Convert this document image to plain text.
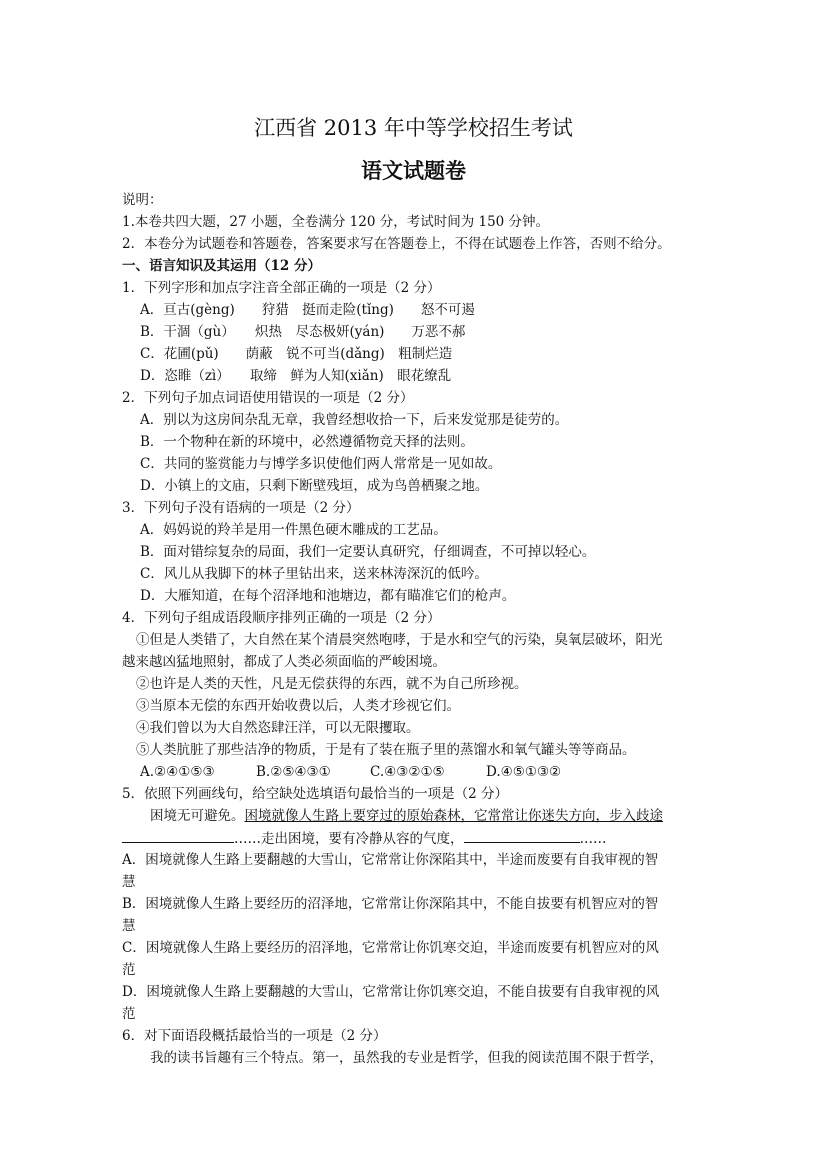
江西省 2013 年中等学校招生考试
语文试题卷
说明：
1.本卷共四大题，27 小题，全卷满分 120 分，考试时间为 150 分钟。
2．本卷分为试题卷和答题卷，答案要求写在答题卷上，不得在试题卷上作答，否则不给分。
一、语言知识及其运用（12 分）
1．下列字形和加点字注音全部正确的一项是（2 分）
A．亘古(gèng)　　狩猎　挺而走险(tǐng)　　怒不可遏
B．干涸（gù）　　炽热　尽态极妍(yán)　　万恶不郝
C．花圃(pǔ)　　荫蔽　锐不可当(dǎng)　粗制烂造
D．恣睢（zì）　　取缔　鲜为人知(xiǎn)　眼花缭乱
2．下列句子加点词语使用错误的一项是（2 分）
A．别以为这房间杂乱无章，我曾经想收拾一下，后来发觉那是徒劳的。
B．一个物种在新的环境中，必然遵循物竞天择的法则。
C．共同的鉴赏能力与博学多识使他们两人常常是一见如故。
D．小镇上的文庙，只剩下断壁残垣，成为鸟兽栖聚之地。
3．下列句子没有语病的一项是（2 分）
A．妈妈说的羚羊是用一件黑色硬木雕成的工艺品。
B．面对错综复杂的局面，我们一定要认真研究，仔细调查，不可掉以轻心。
C．风儿从我脚下的林子里钻出来，送来林涛深沉的低吟。
D．大雁知道，在每个沼泽地和池塘边，都有瞄准它们的枪声。
4．下列句子组成语段顺序排列正确的一项是（2 分）
①但是人类错了，大自然在某个清晨突然咆哮，于是水和空气的污染，臭氧层破坏，阳光
越来越凶猛地照射，都成了人类必须面临的严峻困境。
②也许是人类的天性，凡是无偿获得的东西，就不为自己所珍视。
③当原本无偿的东西开始收费以后，人类才珍视它们。
④我们曾以为大自然恣肆汪洋，可以无限攫取。
⑤人类肮脏了那些洁净的物质，于是有了装在瓶子里的蒸馏水和氧气罐头等等商品。
A.②④①⑤③	B.②⑤④③①	C.④③②①⑤	D.④⑤①③②
5．依照下列画线句，给空缺处选填语句最恰当的一项是（2 分）
困境无可避免。困境就像人生路上要穿过的原始森林，它常常让你迷失方向，步入歧途
……走出困境，要有冷静从容的气度，	……
A．困境就像人生路上要翻越的大雪山，它常常让你深陷其中，半途而废要有自我审视的智
慧
B．困境就像人生路上要经历的沼泽地，它常常让你深陷其中，不能自拔要有机智应对的智
慧
C．困境就像人生路上要经历的沼泽地，它常常让你饥寒交迫，半途而废要有机智应对的风
范
D．困境就像人生路上要翻越的大雪山，它常常让你饥寒交迫，不能自拔要有自我审视的风
范
6．对下面语段概括最恰当的一项是（2 分）
我的读书旨趣有三个特点。第一，虽然我的专业是哲学，但我的阅读范围不限于哲学，
